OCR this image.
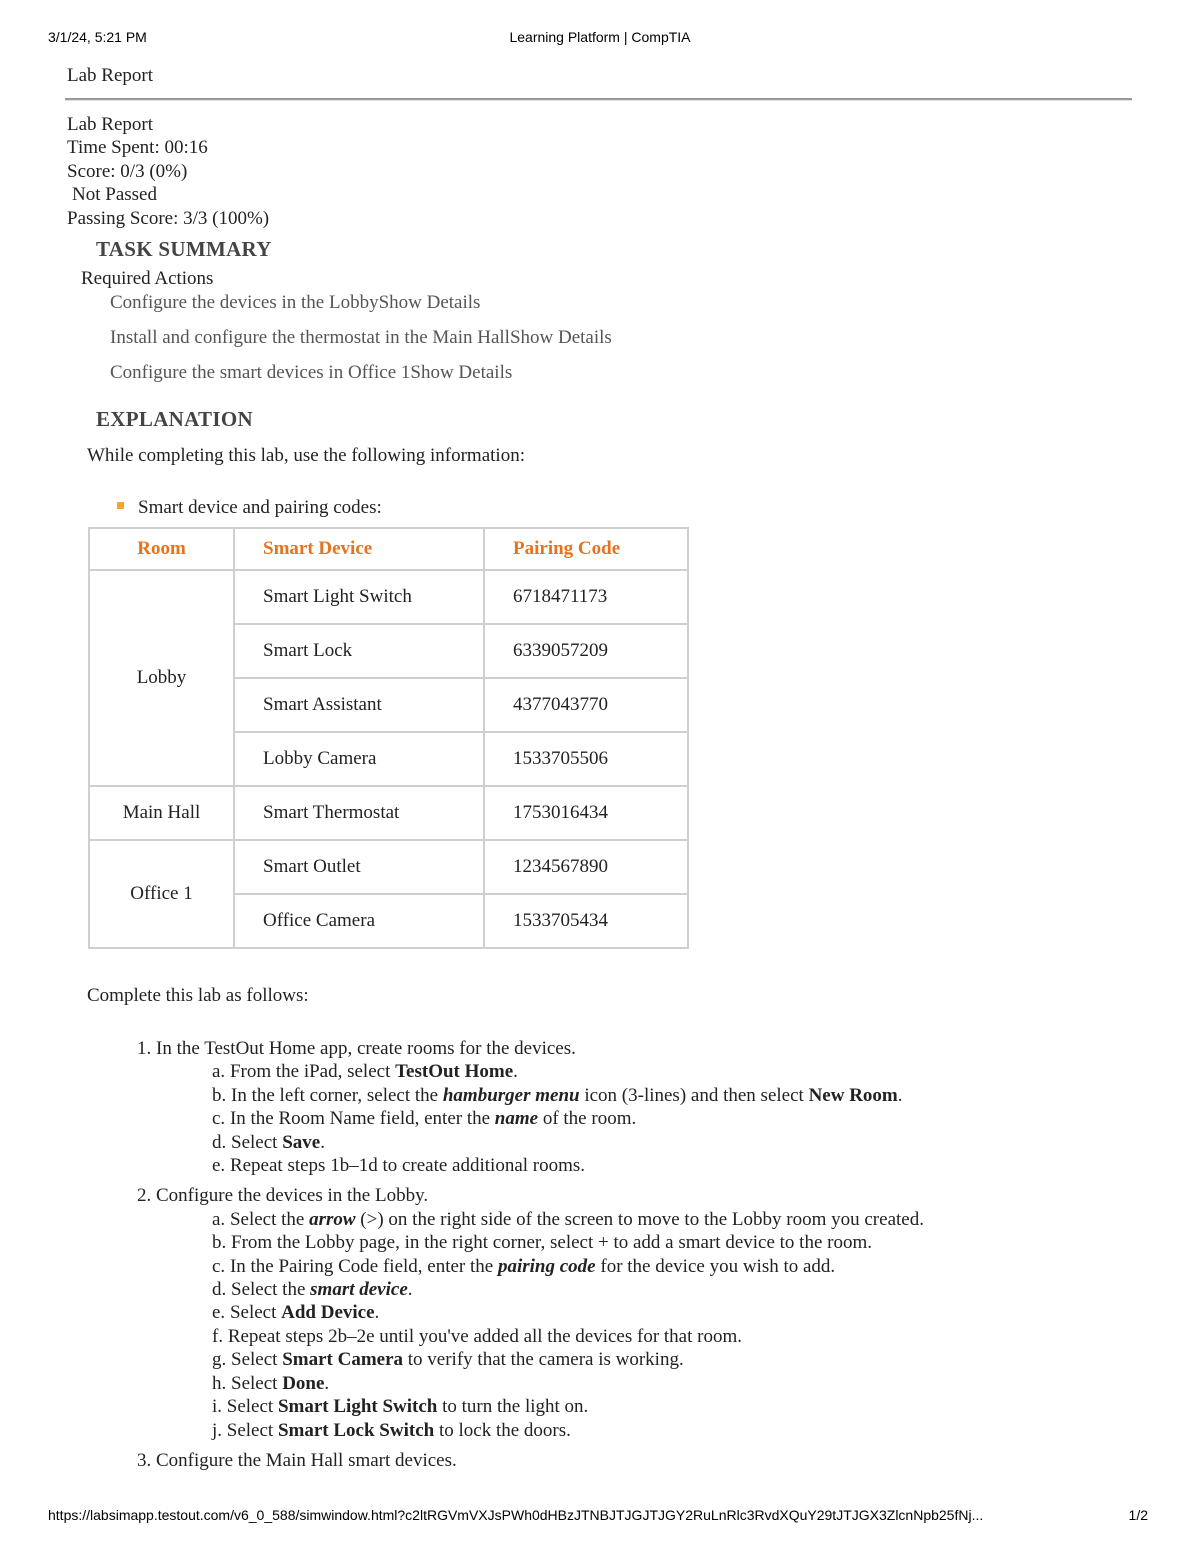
3/1/24, 5:21 PM	Learning Platform | CompTIA
Lab Report
Lab Report
Time Spent: 00:16
Score: 0/3 (0%)
Not Passed
Passing Score: 3/3 (100%)
TASK SUMMARY
Required Actions
Configure the devices in the LobbyShow Details
Install and configure the thermostat in the Main HallShow Details
Configure the smart devices in Office 1Show Details
EXPLANATION
While completing this lab, use the following information:
Smart device and pairing codes:
Room	Smart Device	Pairing Code
Lobby	Smart Light Switch	6718471173
	Smart Lock	6339057209
	Smart Assistant	4377043770
	Lobby Camera	1533705506
Main Hall	Smart Thermostat	1753016434
Office 1	Smart Outlet	1234567890
	Office Camera	1533705434
Complete this lab as follows:
1. In the TestOut Home app, create rooms for the devices.
a. From the iPad, select TestOut Home.
b. In the left corner, select the hamburger menu icon (3-lines) and then select New Room.
c. In the Room Name field, enter the name of the room.
d. Select Save.
e. Repeat steps 1b–1d to create additional rooms.
2. Configure the devices in the Lobby.
a. Select the arrow (>) on the right side of the screen to move to the Lobby room you created.
b. From the Lobby page, in the right corner, select + to add a smart device to the room.
c. In the Pairing Code field, enter the pairing code for the device you wish to add.
d. Select the smart device.
e. Select Add Device.
f. Repeat steps 2b–2e until you've added all the devices for that room.
g. Select Smart Camera to verify that the camera is working.
h. Select Done.
i. Select Smart Light Switch to turn the light on.
j. Select Smart Lock Switch to lock the doors.
3. Configure the Main Hall smart devices.
https://labsimapp.testout.com/v6_0_588/simwindow.html?c2ltRGVmVXJsPWh0dHBzJTNBJTJGJTJGY2RuLnRlc3RvdXQuY29tJTJGX3ZlcnNpb25fNj...	1/2
